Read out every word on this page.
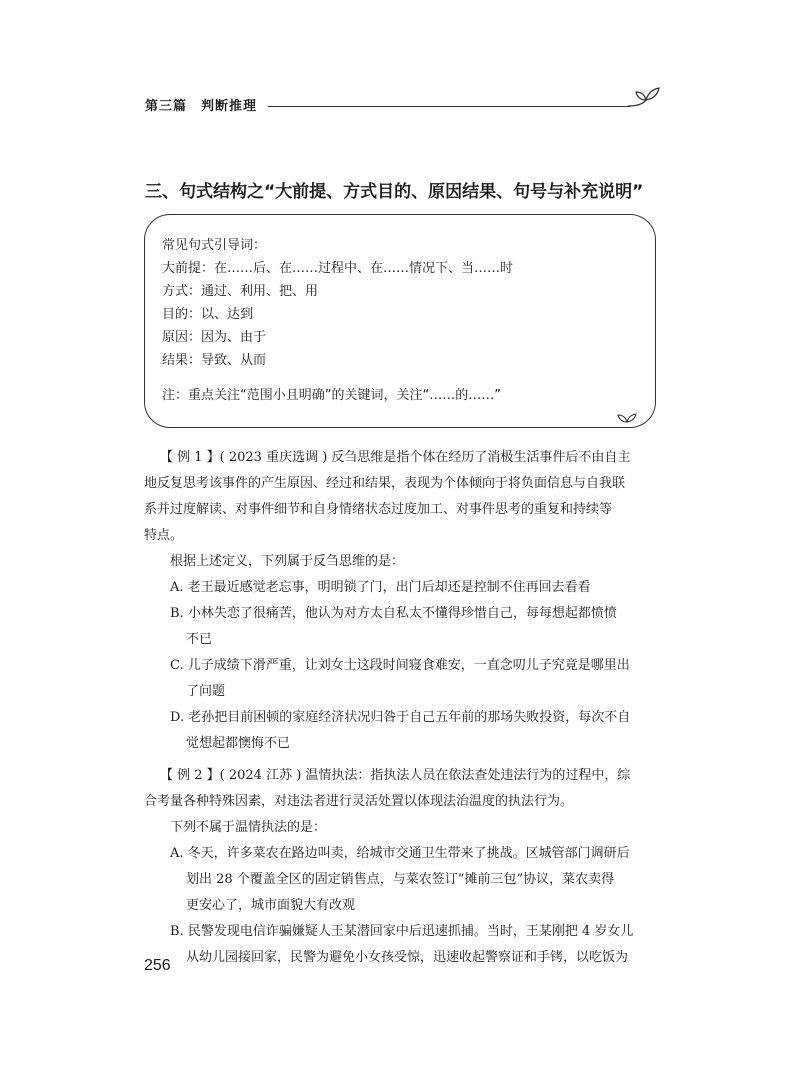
第三篇　判断推理
三、句式结构之“大前提、方式目的、原因结果、句号与补充说明”
常见句式引导词：
大前提：在……后、在……过程中、在……情况下、当……时
方式：通过、利用、把、用
目的：以、达到
原因：因为、由于
结果：导致、从而
注：重点关注“范围小且明确”的关键词，关注“……的……”
【 例 1 】( 2023 重庆选调 ) 反刍思维是指个体在经历了消极生活事件后不由自主
地反复思考该事件的产生原因、经过和结果，表现为个体倾向于将负面信息与自我联
系并过度解读、对事件细节和自身情绪状态过度加工、对事件思考的重复和持续等
特点。
根据上述定义，下列属于反刍思维的是：
A. 老王最近感觉老忘事，明明锁了门，出门后却还是控制不住再回去看看
B. 小林失恋了很痛苦，他认为对方太自私太不懂得珍惜自己，每每想起都愤愤
不已
C. 儿子成绩下滑严重，让刘女士这段时间寝食难安，一直念叨儿子究竟是哪里出
了问题
D. 老孙把目前困顿的家庭经济状况归咎于自己五年前的那场失败投资，每次不自
觉想起都懊悔不已
【 例 2 】( 2024 江苏 ) 温情执法：指执法人员在依法查处违法行为的过程中，综
合考量各种特殊因素，对违法者进行灵活处置以体现法治温度的执法行为。
下列不属于温情执法的是：
A. 冬天，许多菜农在路边叫卖，给城市交通卫生带来了挑战。区城管部门调研后
划出 28 个覆盖全区的固定销售点，与菜农签订“摊前三包”协议，菜农卖得
更安心了，城市面貌大有改观
B. 民警发现电信诈骗嫌疑人王某潜回家中后迅速抓捕。当时，王某刚把 4 岁女儿
从幼儿园接回家，民警为避免小女孩受惊，迅速收起警察证和手铐，以吃饭为
256
